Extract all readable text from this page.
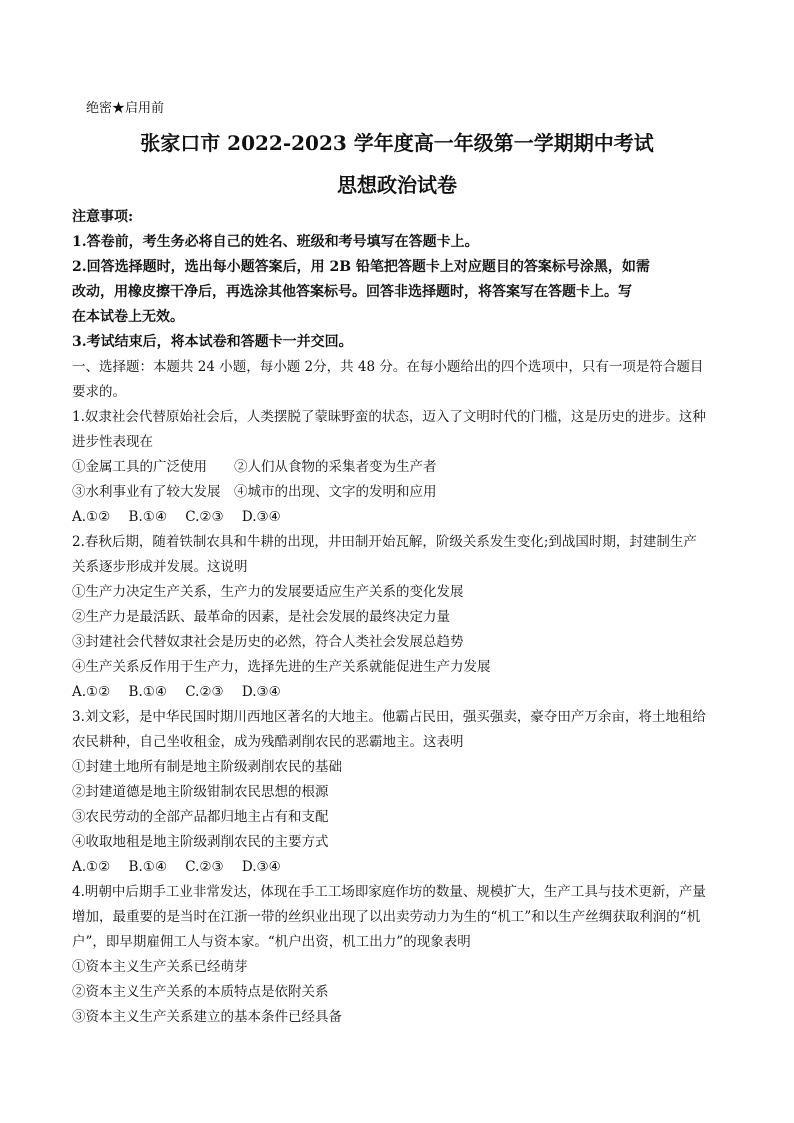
绝密★启用前
张家口市 2022-2023 学年度高一年级第一学期期中考试
思想政治试卷
注意事项:
1.答卷前，考生务必将自己的姓名、班级和考号填写在答题卡上。
2.回答选择题时，选出每小题答案后，用 2B 铅笔把答题卡上对应题目的答案标号涂黑，如需
改动，用橡皮擦干净后，再选涂其他答案标号。回答非选择题时，将答案写在答题卡上。写
在本试卷上无效。
3.考试结束后，将本试卷和答题卡一并交回。
一、选择题：本题共 24 小题，每小题 2分，共 48 分。在每小题给出的四个选项中，只有一项是符合题目
要求的。
1.奴隶社会代替原始社会后，人类摆脱了蒙昧野蛮的状态，迈入了文明时代的门槛，这是历史的进步。这种
进步性表现在
①金属工具的广泛使用　　②人们从食物的采集者变为生产者
③水利事业有了较大发展　④城市的出现、文字的发明和应用
A.①② B.①④ C.②③ D.③④
2.春秋后期，随着铁制农具和牛耕的出现，井田制开始瓦解，阶级关系发生变化;到战国时期，封建制生产
关系逐步形成并发展。这说明
①生产力决定生产关系，生产力的发展要适应生产关系的变化发展
②生产力是最活跃、最革命的因素，是社会发展的最终决定力量
③封建社会代替奴隶社会是历史的必然，符合人类社会发展总趋势
④生产关系反作用于生产力，选择先进的生产关系就能促进生产力发展
A.①② B.①④ C.②③ D.③④
3.刘文彩，是中华民国时期川西地区著名的大地主。他霸占民田，强买强卖，豪夺田产万余亩，将土地租给
农民耕种，自己坐收租金，成为残酷剥削农民的恶霸地主。这表明
①封建土地所有制是地主阶级剥削农民的基础
②封建道德是地主阶级钳制农民思想的根源
③农民劳动的全部产品都归地主占有和支配
④收取地租是地主阶级剥削农民的主要方式
A.①② B.①④ C.②③ D.③④
4.明朝中后期手工业非常发达，体现在手工工场即家庭作坊的数量、规模扩大，生产工具与技术更新，产量
增加，最重要的是当时在江浙一带的丝织业出现了以出卖劳动力为生的“机工”和以生产丝绸获取利润的“机
户”，即早期雇佣工人与资本家。“机户出资，机工出力”的现象表明
①资本主义生产关系已经萌芽
②资本主义生产关系的本质特点是依附关系
③资本主义生产关系建立的基本条件已经具备
